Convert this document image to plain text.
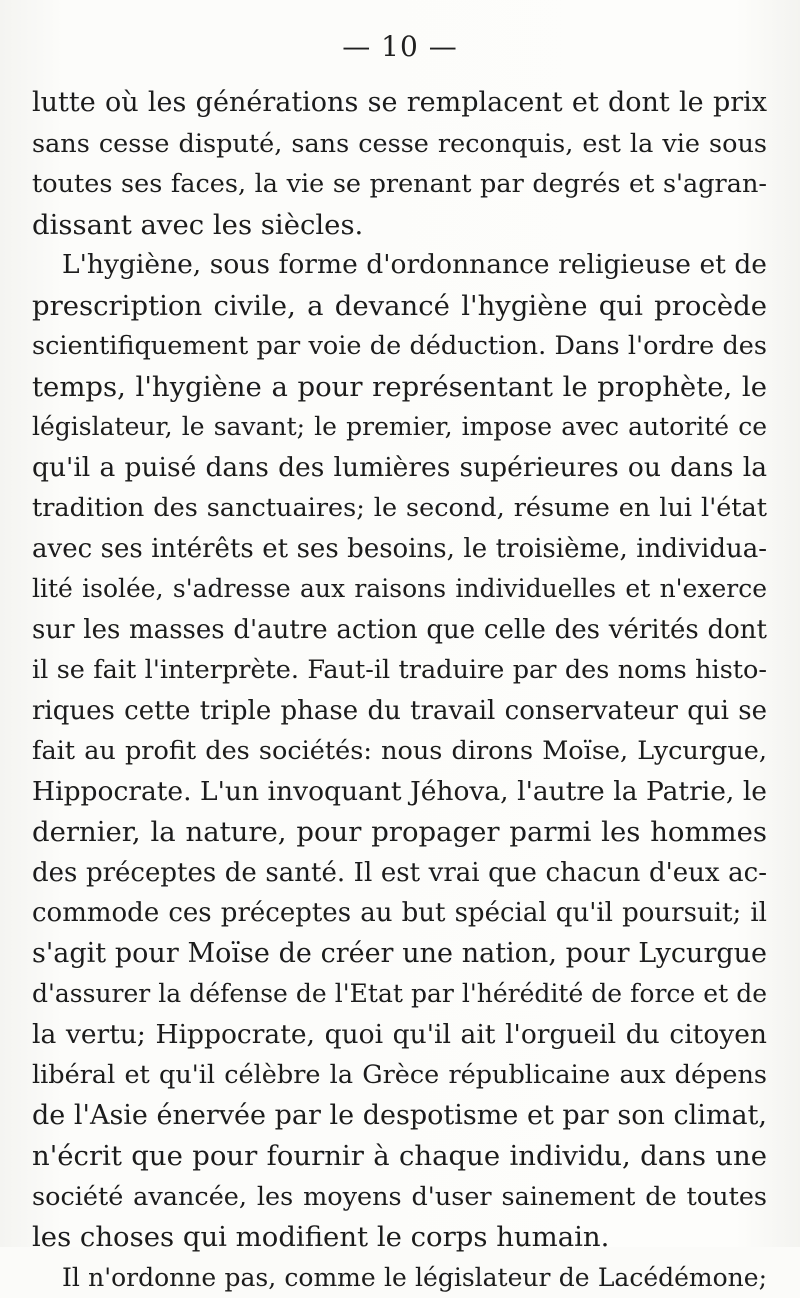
— 10 —
lutte où les générations se remplacent et dont le prix
sans cesse disputé, sans cesse reconquis, est la vie sous
toutes ses faces, la vie se prenant par degrés et s'agran-
dissant avec les siècles.
L'hygiène, sous forme d'ordonnance religieuse et de
prescription civile, a devancé l'hygiène qui procède
scientifiquement par voie de déduction. Dans l'ordre des
temps, l'hygiène a pour représentant le prophète, le
législateur, le savant; le premier, impose avec autorité ce
qu'il a puisé dans des lumières supérieures ou dans la
tradition des sanctuaires; le second, résume en lui l'état
avec ses intérêts et ses besoins, le troisième, individua-
lité isolée, s'adresse aux raisons individuelles et n'exerce
sur les masses d'autre action que celle des vérités dont
il se fait l'interprète. Faut-il traduire par des noms histo-
riques cette triple phase du travail conservateur qui se
fait au profit des sociétés: nous dirons Moïse, Lycurgue,
Hippocrate. L'un invoquant Jéhova, l'autre la Patrie, le
dernier, la nature, pour propager parmi les hommes
des préceptes de santé. Il est vrai que chacun d'eux ac-
commode ces préceptes au but spécial qu'il poursuit; il
s'agit pour Moïse de créer une nation, pour Lycurgue
d'assurer la défense de l'Etat par l'hérédité de force et de
la vertu; Hippocrate, quoi qu'il ait l'orgueil du citoyen
libéral et qu'il célèbre la Grèce républicaine aux dépens
de l'Asie énervée par le despotisme et par son climat,
n'écrit que pour fournir à chaque individu, dans une
société avancée, les moyens d'user sainement de toutes
les choses qui modifient le corps humain.
Il n'ordonne pas, comme le législateur de Lacédémone;
